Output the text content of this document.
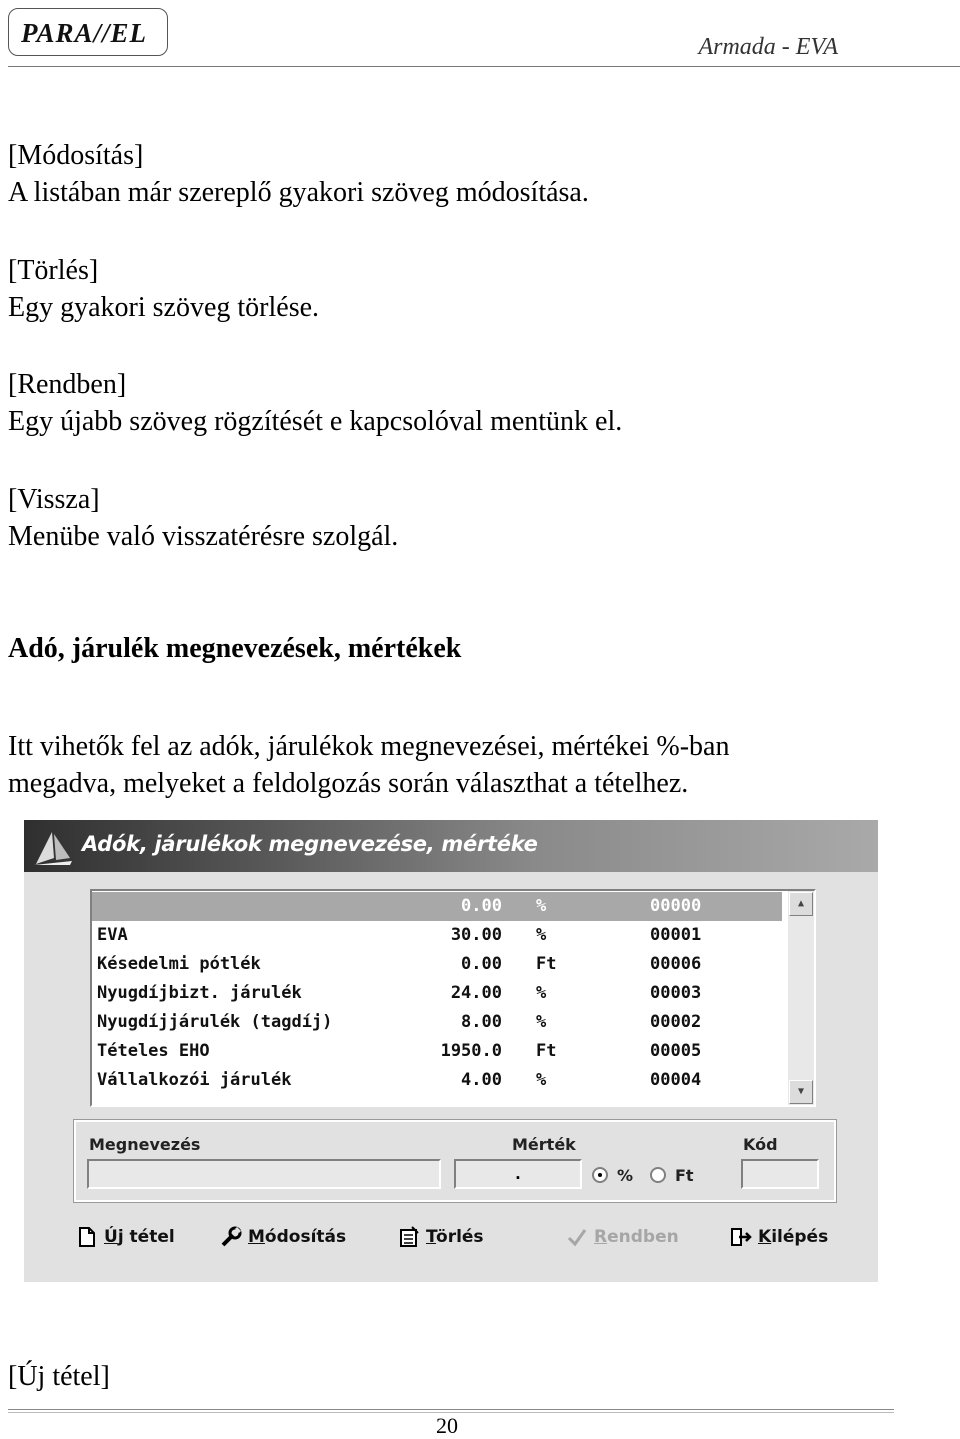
PARA//EL	Armada - EVA
[Módosítás]
A listában már szereplő gyakori szöveg módosítása.
[Törlés]
Egy gyakori szöveg törlése.
[Rendben]
Egy újabb szöveg rögzítését e kapcsolóval mentünk el.
[Vissza]
Menübe való visszatérésre szolgál.
Adó, járulék megnevezések, mértékek
Itt vihetők fel az adók, járulékok megnevezései, mértékei %-ban
megadva, melyeket a feldolgozás során választhat a tételhez.
Adók, járulékok megnevezése, mértéke
0.00 %	00000
EVA	30.00 %	00001
Késedelmi pótlék	0.00 Ft	00006
Nyugdíjbizt. járulék	24.00 %	00003
Nyugdíjjárulék (tagdíj)	8.00 %	00002
Tételes EHO	1950.0 Ft	00005
Vállalkozói járulék	4.00 %	00004
▲
▼
Megnevezés	Mérték
.	%	Ft
Kód
Új tétel	Módosítás	Törlés	Rendben	Kilépés
[Új tétel]
20
